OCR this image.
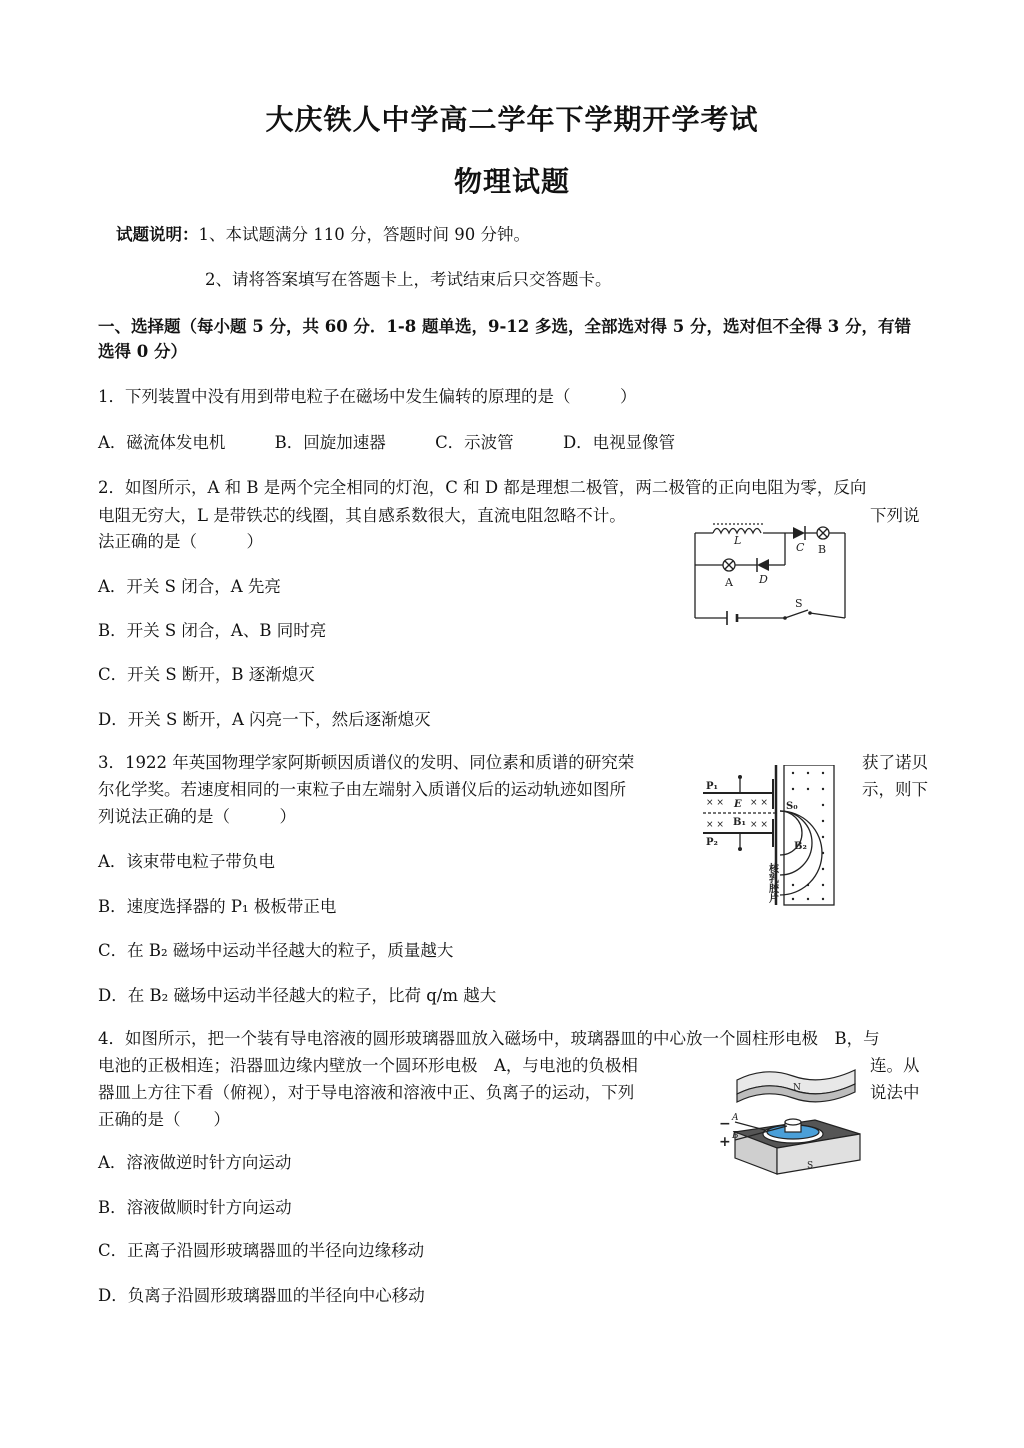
大庆铁人中学高二学年下学期开学考试
物理试题
试题说明：1、本试题满分 110 分，答题时间 90 分钟。
2、请将答案填写在答题卡上，考试结束后只交答题卡。
一、选择题（每小题 5 分，共 60 分．1-8 题单选，9-12 多选，全部选对得 5 分，选对但不全得 3 分，有错
选得 0 分）
1．下列装置中没有用到带电粒子在磁场中发生偏转的原理的是（　　　）
A．磁流体发电机	B．回旋加速器	C．示波管	D．电视显像管
2．如图所示，A 和 B 是两个完全相同的灯泡，C 和 D 都是理想二极管，两二极管的正向电阻为零，反向
电阻无穷大，L 是带铁芯的线圈，其自感系数很大，直流电阻忽略不计。	下列说
法正确的是（　　　）
A．开关 S 闭合，A 先亮
B．开关 S 闭合，A、B 同时亮
C．开关 S 断开，B 逐渐熄灭
D．开关 S 断开，A 闪亮一下，然后逐渐熄灭
L
C B
A D
S
3．1922 年英国物理学家阿斯顿因质谱仪的发明、同位素和质谱的研究荣	获了诺贝
尔化学奖。若速度相同的一束粒子由左端射入质谱仪后的运动轨迹如图所	示，则下
列说法正确的是（　　　）
A．该束带电粒子带负电
B．速度选择器的 P₁ 极板带正电
C．在 B₂ 磁场中运动半径越大的粒子，质量越大
D．在 B₂ 磁场中运动半径越大的粒子，比荷 q/m 越大
× ×
× ×
× ×
× ×
P₁
P₂
E
B₁
B₂
S₀
核乳胶片
4．如图所示，把一个装有导电溶液的圆形玻璃器皿放入磁场中，玻璃器皿的中心放一个圆柱形电极　B，与
电池的正极相连；沿器皿边缘内壁放一个圆环形电极　A，与电池的负极相	连。从
器皿上方往下看（俯视），对于导电溶液和溶液中正、负离子的运动，下列	说法中
正确的是（　　）
A．溶液做逆时针方向运动
B．溶液做顺时针方向运动
C．正离子沿圆形玻璃器皿的半径向边缘移动
D．负离子沿圆形玻璃器皿的半径向中心移动
N
S
A
B
−
+
